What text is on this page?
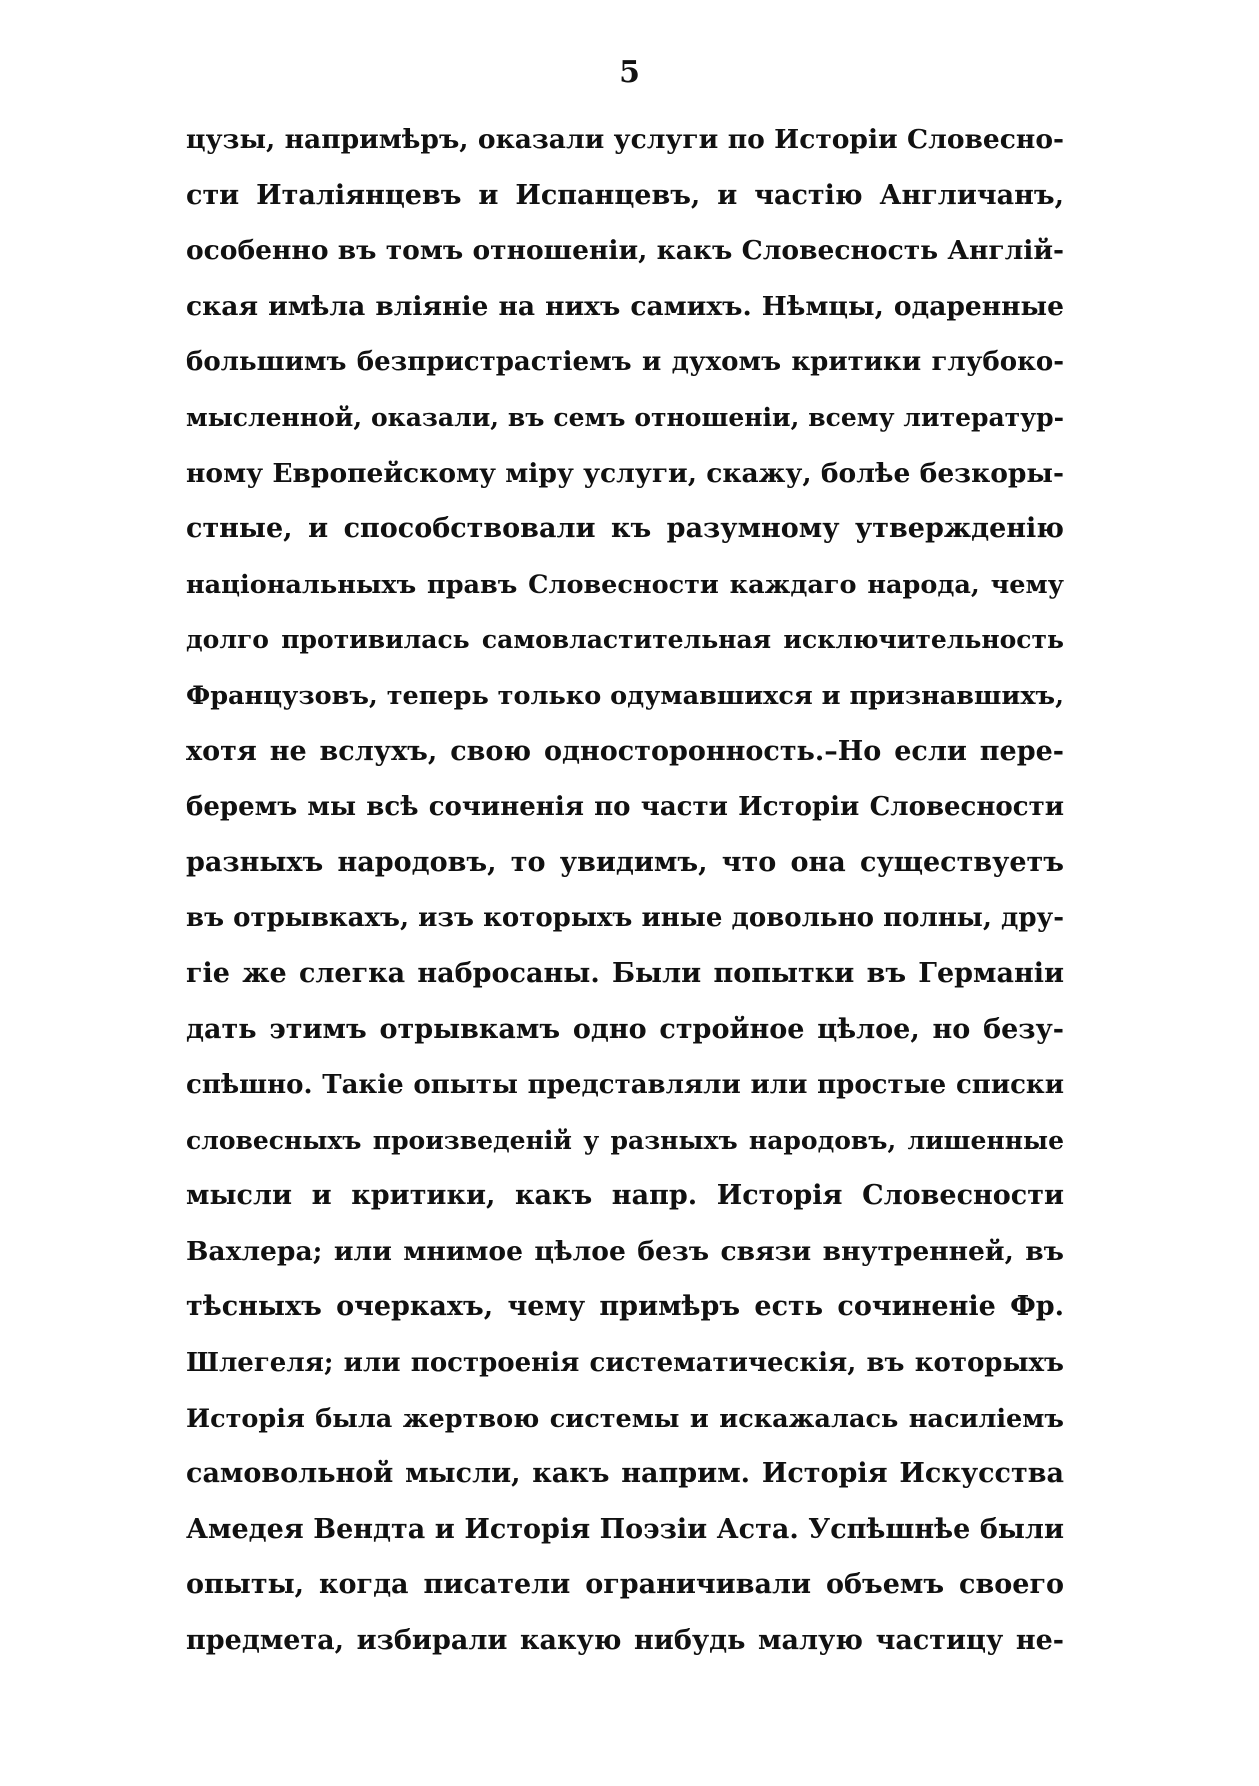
5
цузы, напримѣръ, оказали услуги по Исторіи Словесно-
сти Италіянцевъ и Испанцевъ, и частію Англичанъ,
особенно въ томъ отношеніи, какъ Словесность Англій-
ская имѣла вліяніе на нихъ самихъ. Нѣмцы, одаренные
большимъ безпристрастіемъ и духомъ критики глубоко-
мысленной, оказали, въ семъ отношеніи, всему литератур-
ному Европейскому міру услуги, скажу, болѣе безкоры-
стные, и способствовали къ разумному утвержденію
національныхъ правъ Словесности каждаго народа, чему
долго противилась самовластительная исключительность
Французовъ, теперь только одумавшихся и признавшихъ,
хотя не вслухъ, свою односторонность.–Но если пере-
беремъ мы всѣ сочиненія по части Исторіи Словесности
разныхъ народовъ, то увидимъ, что она существуетъ
въ отрывкахъ, изъ которыхъ иные довольно полны, дру-
гіе же слегка набросаны. Были попытки въ Германіи
дать этимъ отрывкамъ одно стройное цѣлое, но безу-
спѣшно. Такіе опыты представляли или простые списки
словесныхъ произведеній у разныхъ народовъ, лишенные
мысли и критики, какъ напр. Исторія Словесности
Вахлера; или мнимое цѣлое безъ связи внутренней, въ
тѣсныхъ очеркахъ, чему примѣръ есть сочиненіе Фр.
Шлегеля; или построенія систематическія, въ которыхъ
Исторія была жертвою системы и искажалась насиліемъ
самовольной мысли, какъ наприм. Исторія Искусства
Амедея Вендта и Исторія Поэзіи Аста. Успѣшнѣе были
опыты, когда писатели ограничивали объемъ своего
предмета, избирали какую нибудь малую частицу не-
